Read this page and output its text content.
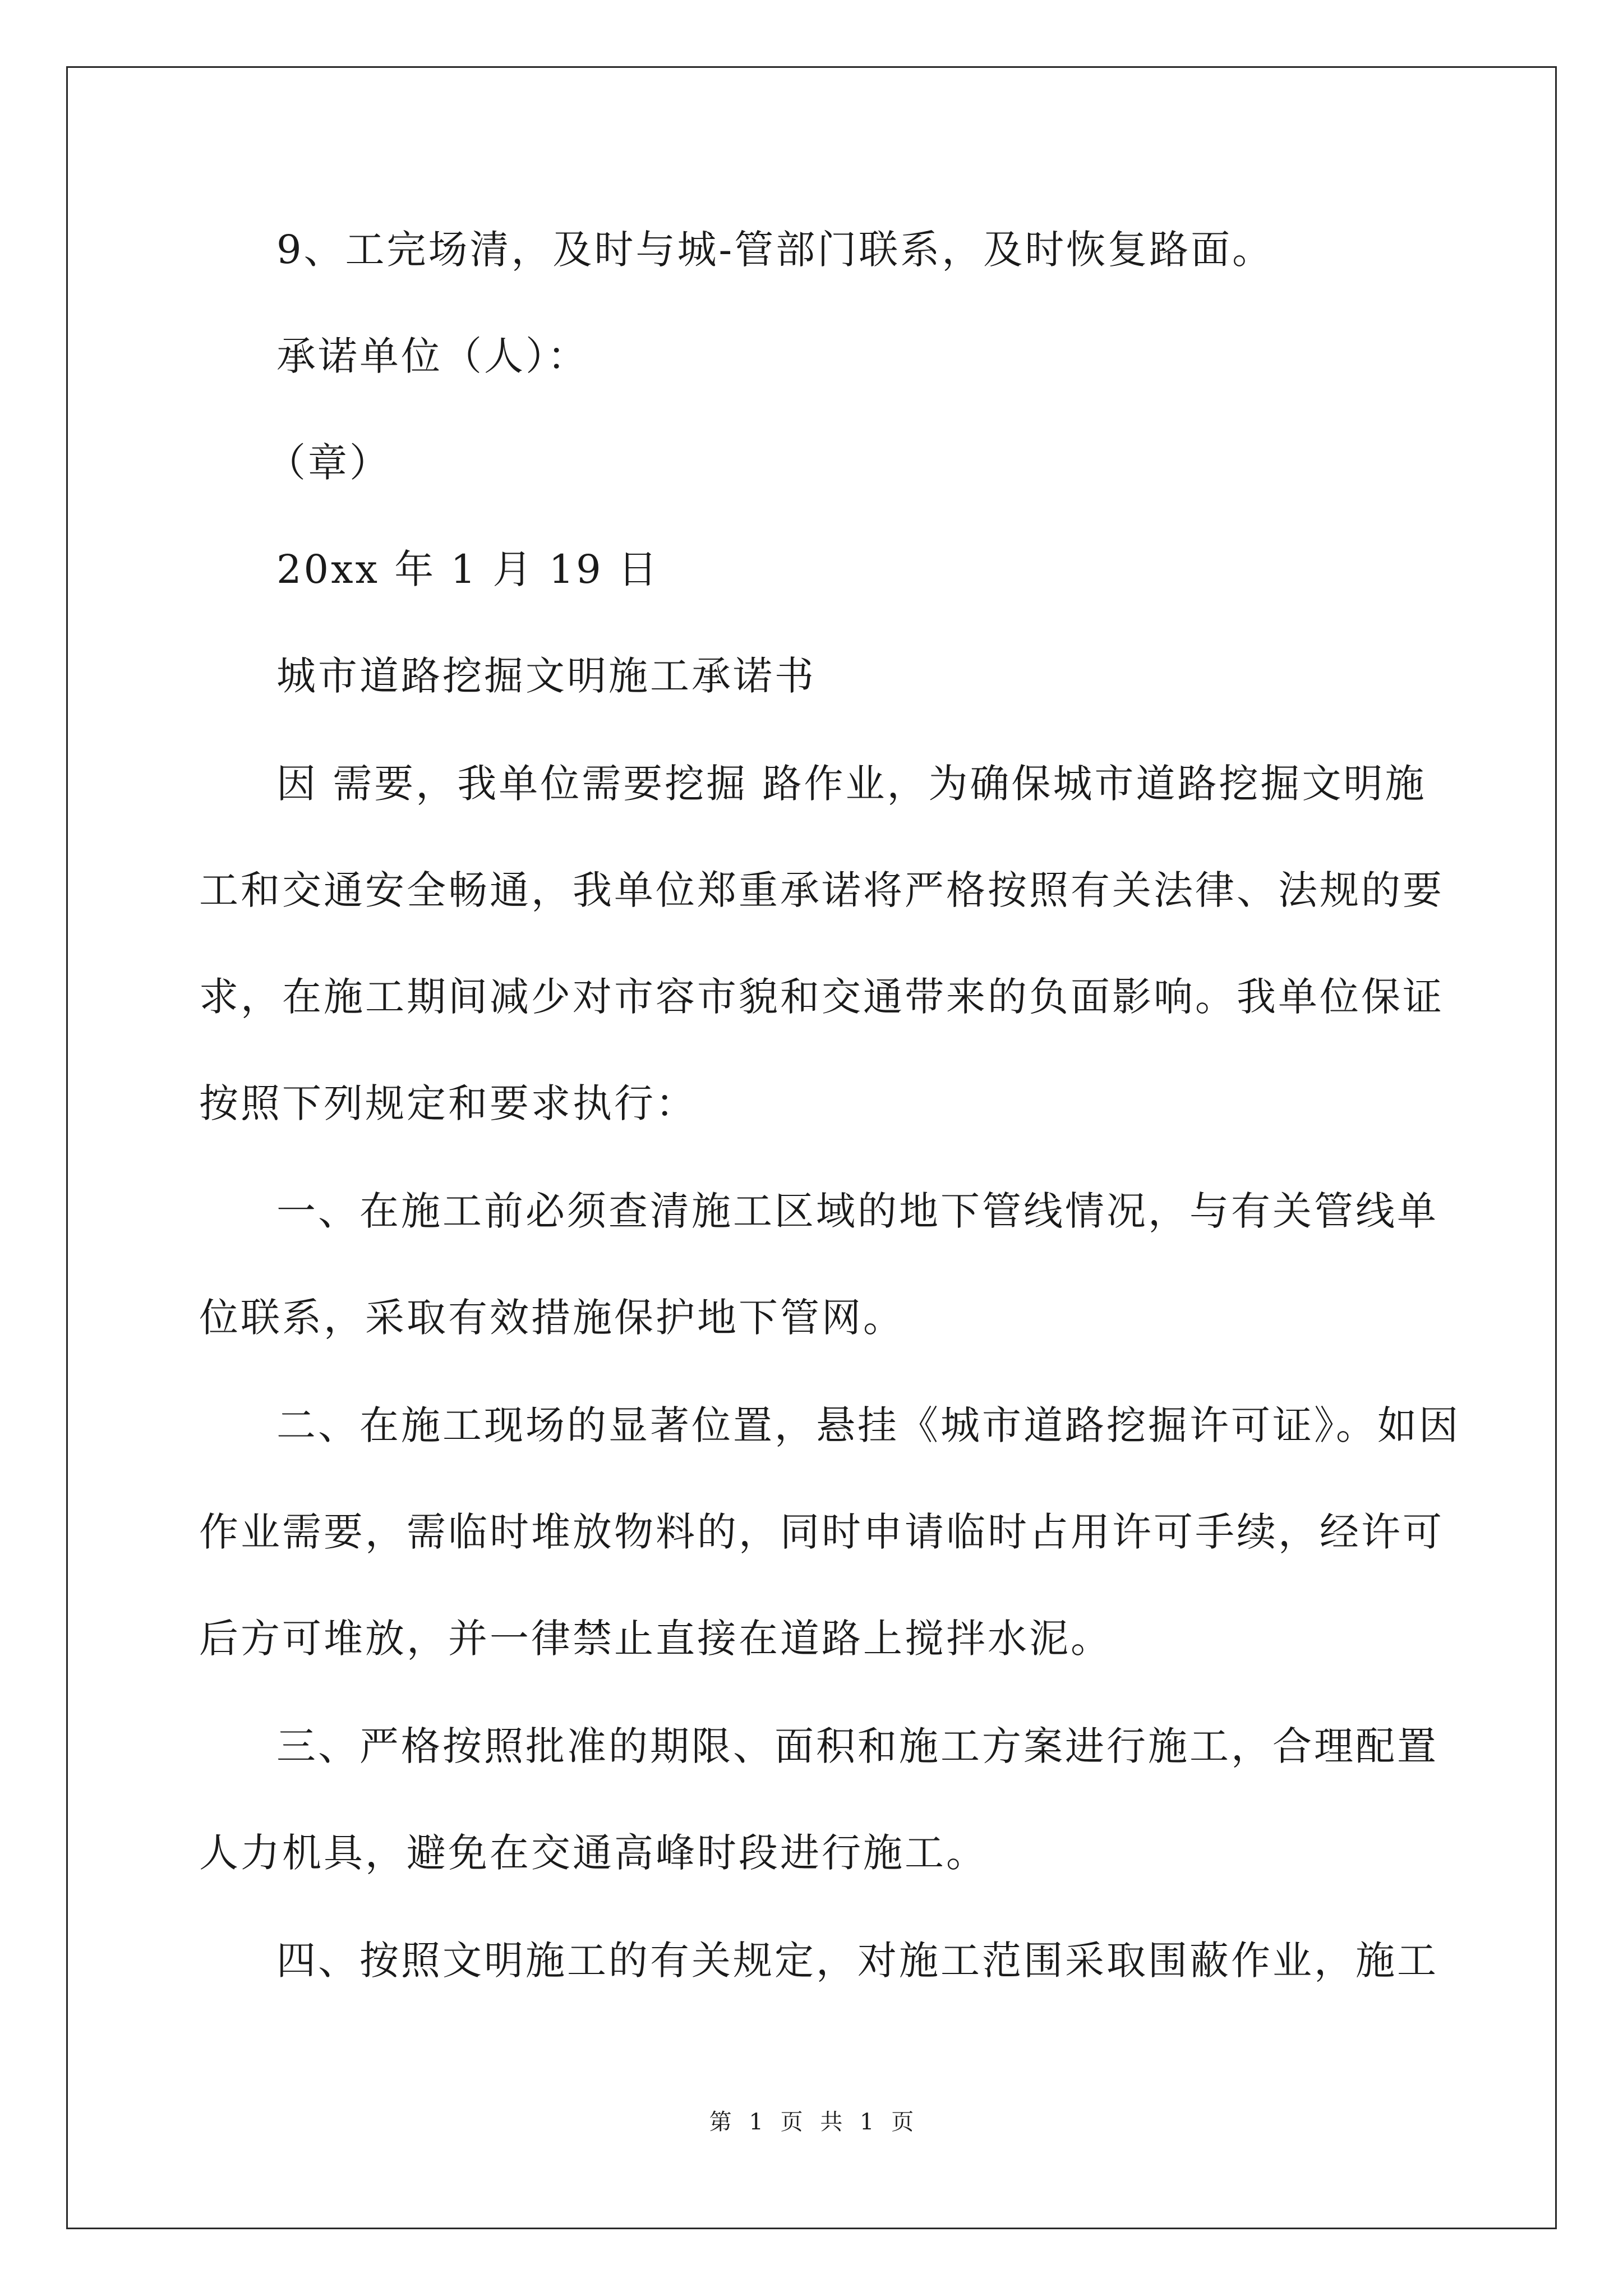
9、工完场清，及时与城-管部门联系，及时恢复路面。
承诺单位（人）：
（章）
20xx 年 1 月 19 日
城市道路挖掘文明施工承诺书
因 需要，我单位需要挖掘 路作业，为确保城市道路挖掘文明施
工和交通安全畅通，我单位郑重承诺将严格按照有关法律、法规的要
求，在施工期间减少对市容市貌和交通带来的负面影响。我单位保证
按照下列规定和要求执行：
一、在施工前必须查清施工区域的地下管线情况，与有关管线单
位联系，采取有效措施保护地下管网。
二、在施工现场的显著位置，悬挂《城市道路挖掘许可证》。如因
作业需要，需临时堆放物料的，同时申请临时占用许可手续，经许可
后方可堆放，并一律禁止直接在道路上搅拌水泥。
三、严格按照批准的期限、面积和施工方案进行施工，合理配置
人力机具，避免在交通高峰时段进行施工。
四、按照文明施工的有关规定，对施工范围采取围蔽作业，施工
第 1 页 共 1 页
